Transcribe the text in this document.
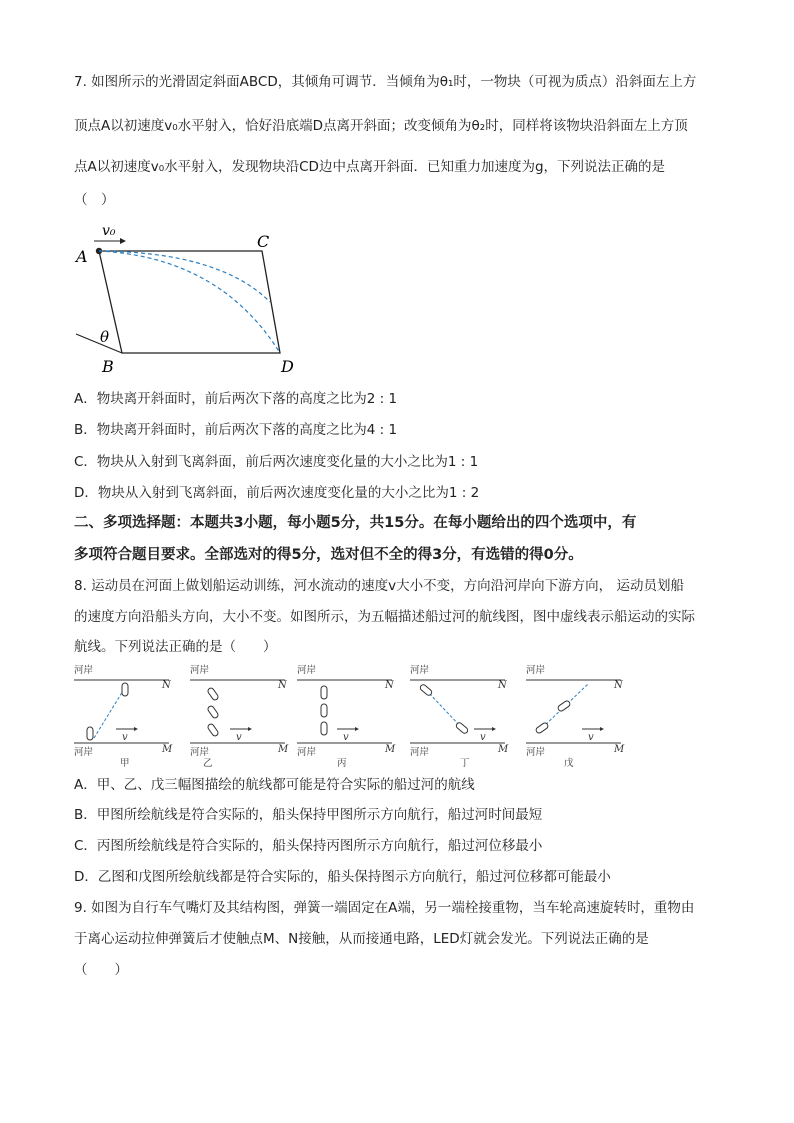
7. 如图所示的光滑固定斜面ABCD，其倾角可调节．当倾角为θ₁时，一物块（可视为质点）沿斜面左上方
顶点A以初速度v₀水平射入，恰好沿底端D点离开斜面；改变倾角为θ₂时，同样将该物块沿斜面左上方顶
点A以初速度v₀水平射入，发现物块沿CD边中点离开斜面．已知重力加速度为g，下列说法正确的是
（　）
v₀
A
C
B	D
θ
A．物块离开斜面时，前后两次下落的高度之比为2 : 1
B．物块离开斜面时，前后两次下落的高度之比为4 : 1
C．物块从入射到飞离斜面，前后两次速度变化量的大小之比为1 : 1
D．物块从入射到飞离斜面，前后两次速度变化量的大小之比为1 : 2
二、多项选择题：本题共3小题，每小题5分，共15分。在每小题给出的四个选项中，有
多项符合题目要求。全部选对的得5分，选对但不全的得3分，有选错的得0分。
8. 运动员在河面上做划船运动训练，河水流动的速度v大小不变，方向沿河岸向下游方向， 运动员划船
的速度方向沿船头方向，大小不变。如图所示，为五幅描述船过河的航线图，图中虚线表示船运动的实际
航线。下列说法正确的是（　　）
河岸
N
河岸	M
v
甲
河岸
N
河岸	M
v
乙
河岸
N
河岸	M
v
丙
河岸
N
河岸	M
v
丁
河岸
N
河岸	M
v
戊
A．甲、乙、戊三幅图描绘的航线都可能是符合实际的船过河的航线
B．甲图所绘航线是符合实际的，船头保持甲图所示方向航行，船过河时间最短
C．丙图所绘航线是符合实际的，船头保持丙图所示方向航行，船过河位移最小
D．乙图和戊图所绘航线都是符合实际的，船头保持图示方向航行，船过河位移都可能最小
9. 如图为自行车气嘴灯及其结构图，弹簧一端固定在A端，另一端栓接重物，当车轮高速旋转时，重物由
于离心运动拉伸弹簧后才使触点M、N接触，从而接通电路，LED灯就会发光。下列说法正确的是
（　　）
